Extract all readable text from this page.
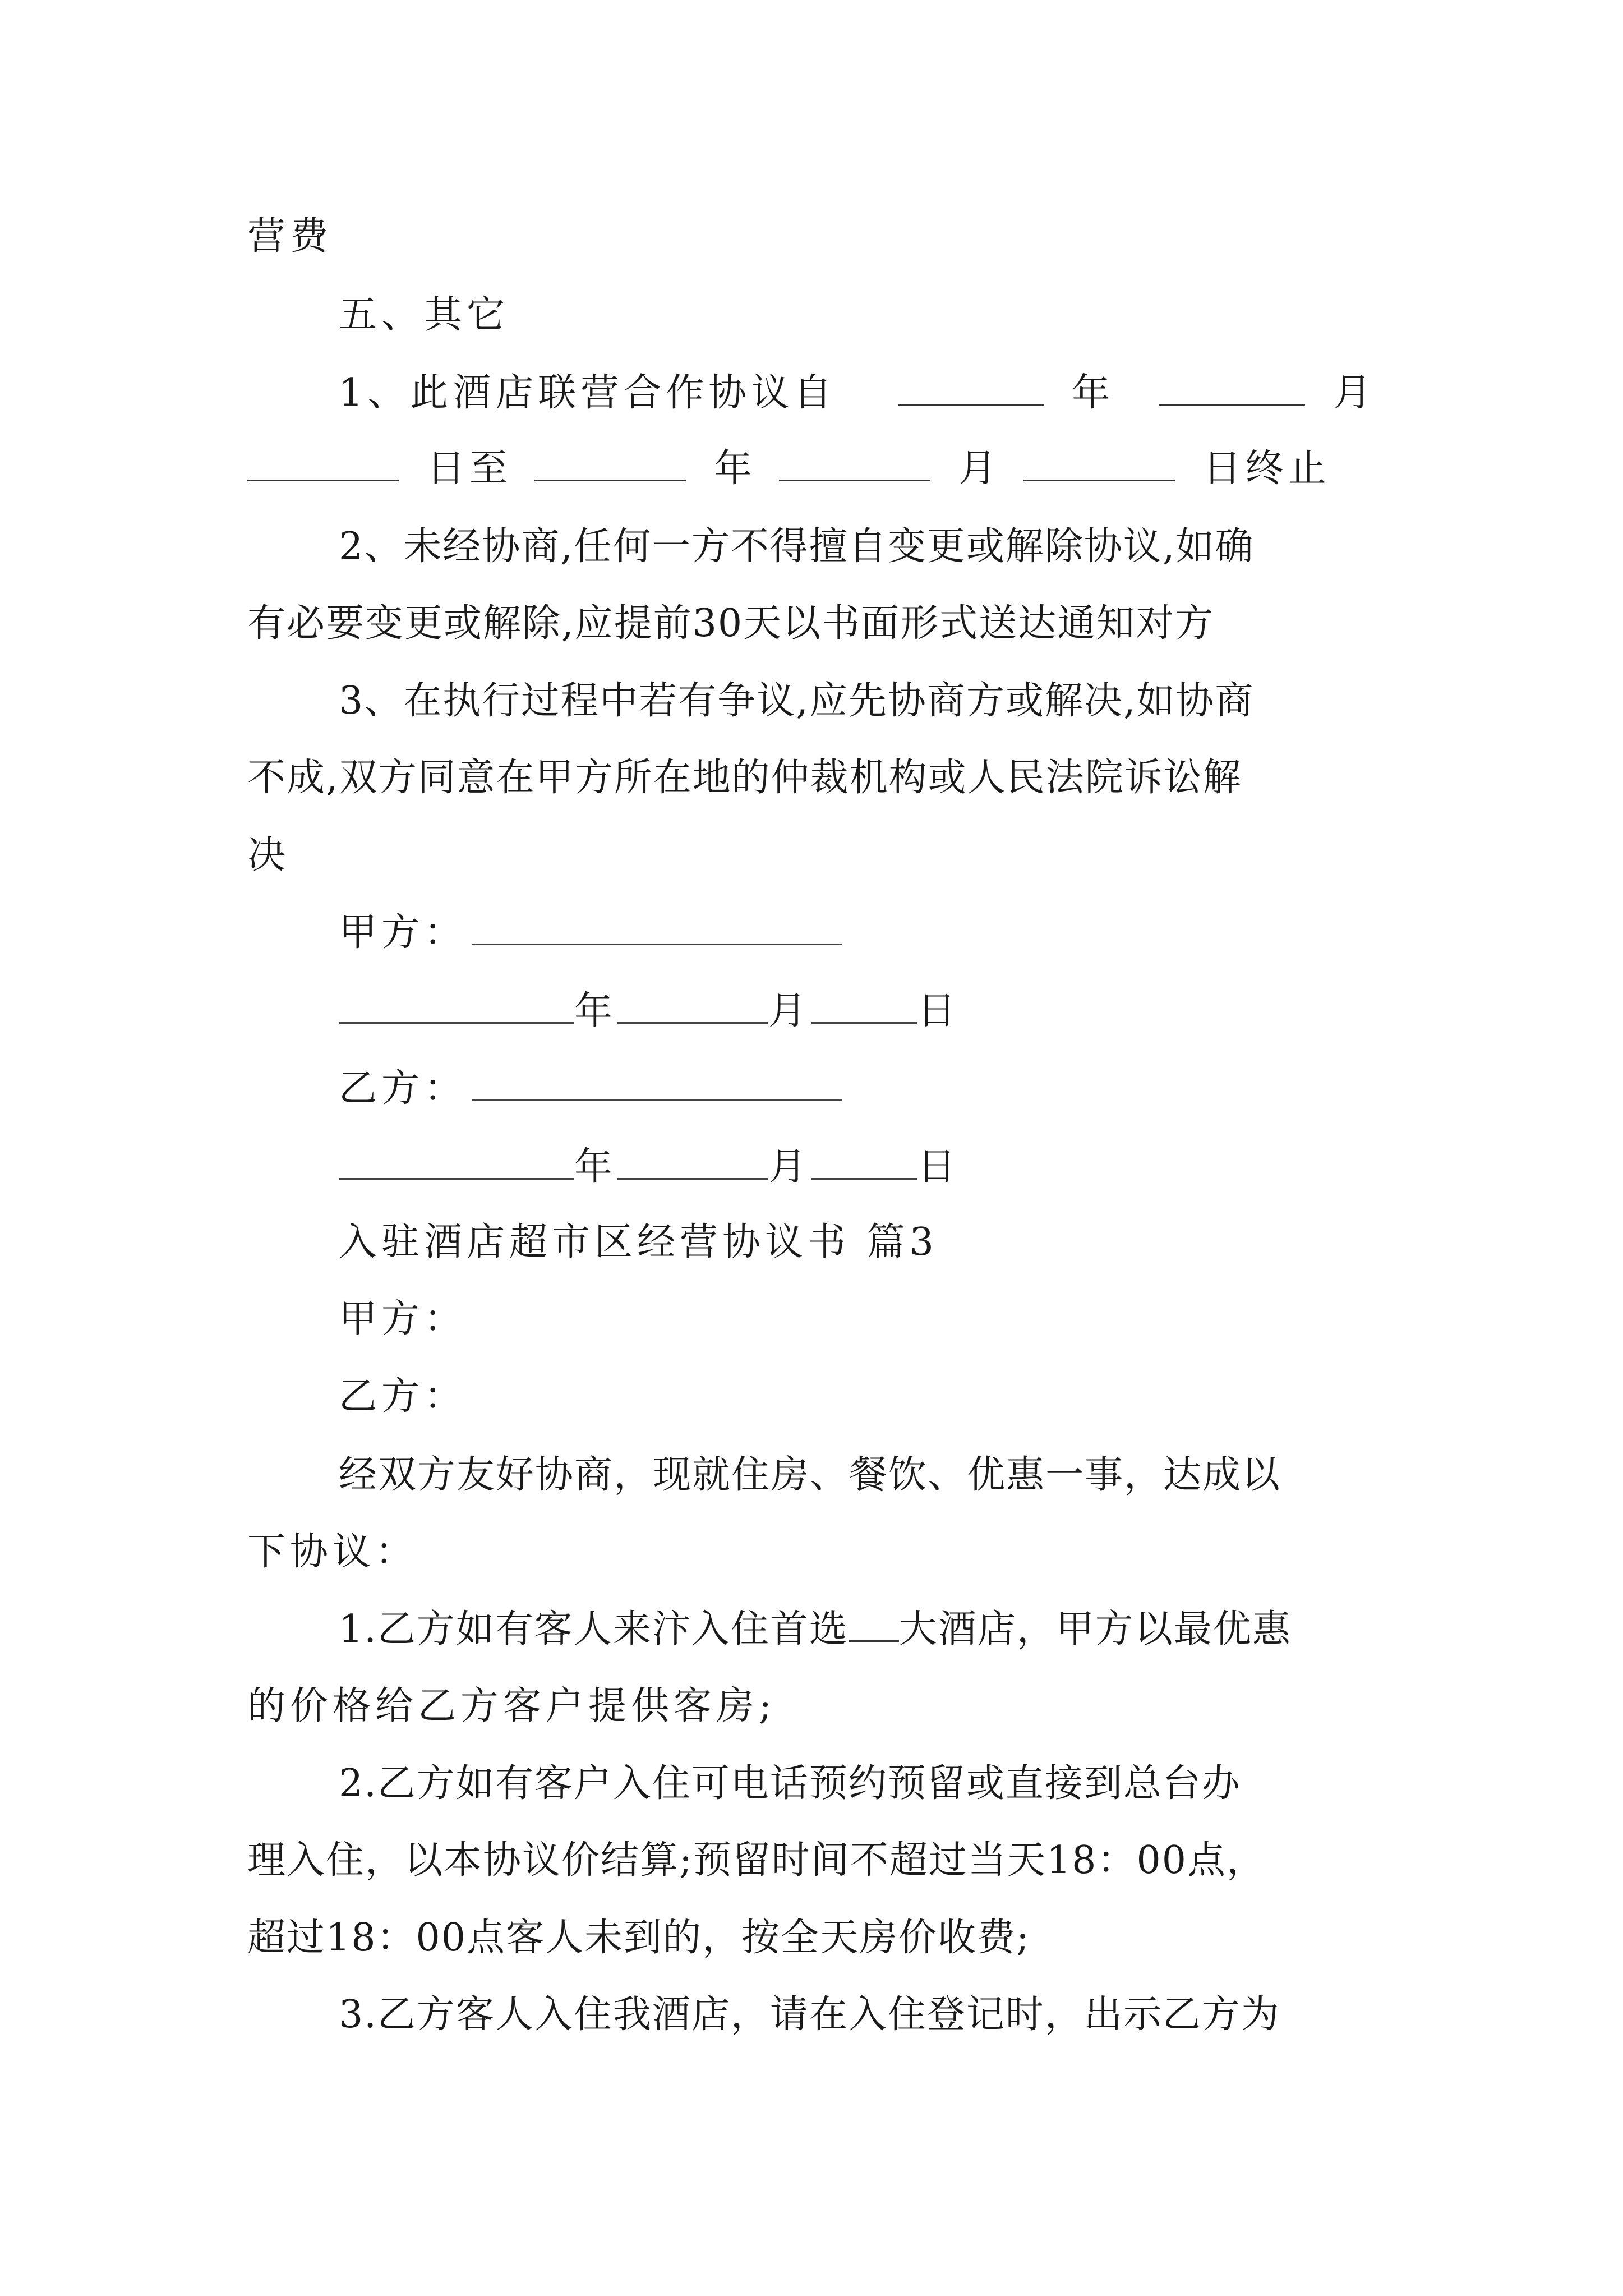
营费
五、其它
1、此酒店联营合作协议自	年	月
日至	年	月	日终止
2、未经协商,任何一方不得擅自变更或解除协议,如确
有必要变更或解除,应提前30天以书面形式送达通知对方
3、在执行过程中若有争议,应先协商方或解决,如协商
不成,双方同意在甲方所在地的仲裁机构或人民法院诉讼解
决
甲方：
年	月	日
乙方：
年	月	日
入驻酒店超市区经营协议书 篇3
甲方：
乙方：
经双方友好协商，现就住房、餐饮、优惠一事，达成以
下协议：
1.乙方如有客人来汴入住首选 大酒店，甲方以最优惠
的价格给乙方客户提供客房;
2.乙方如有客户入住可电话预约预留或直接到总台办
理入住，以本协议价结算;预留时间不超过当天18：00点，
超过18：00点客人未到的，按全天房价收费;
3.乙方客人入住我酒店，请在入住登记时，出示乙方为
